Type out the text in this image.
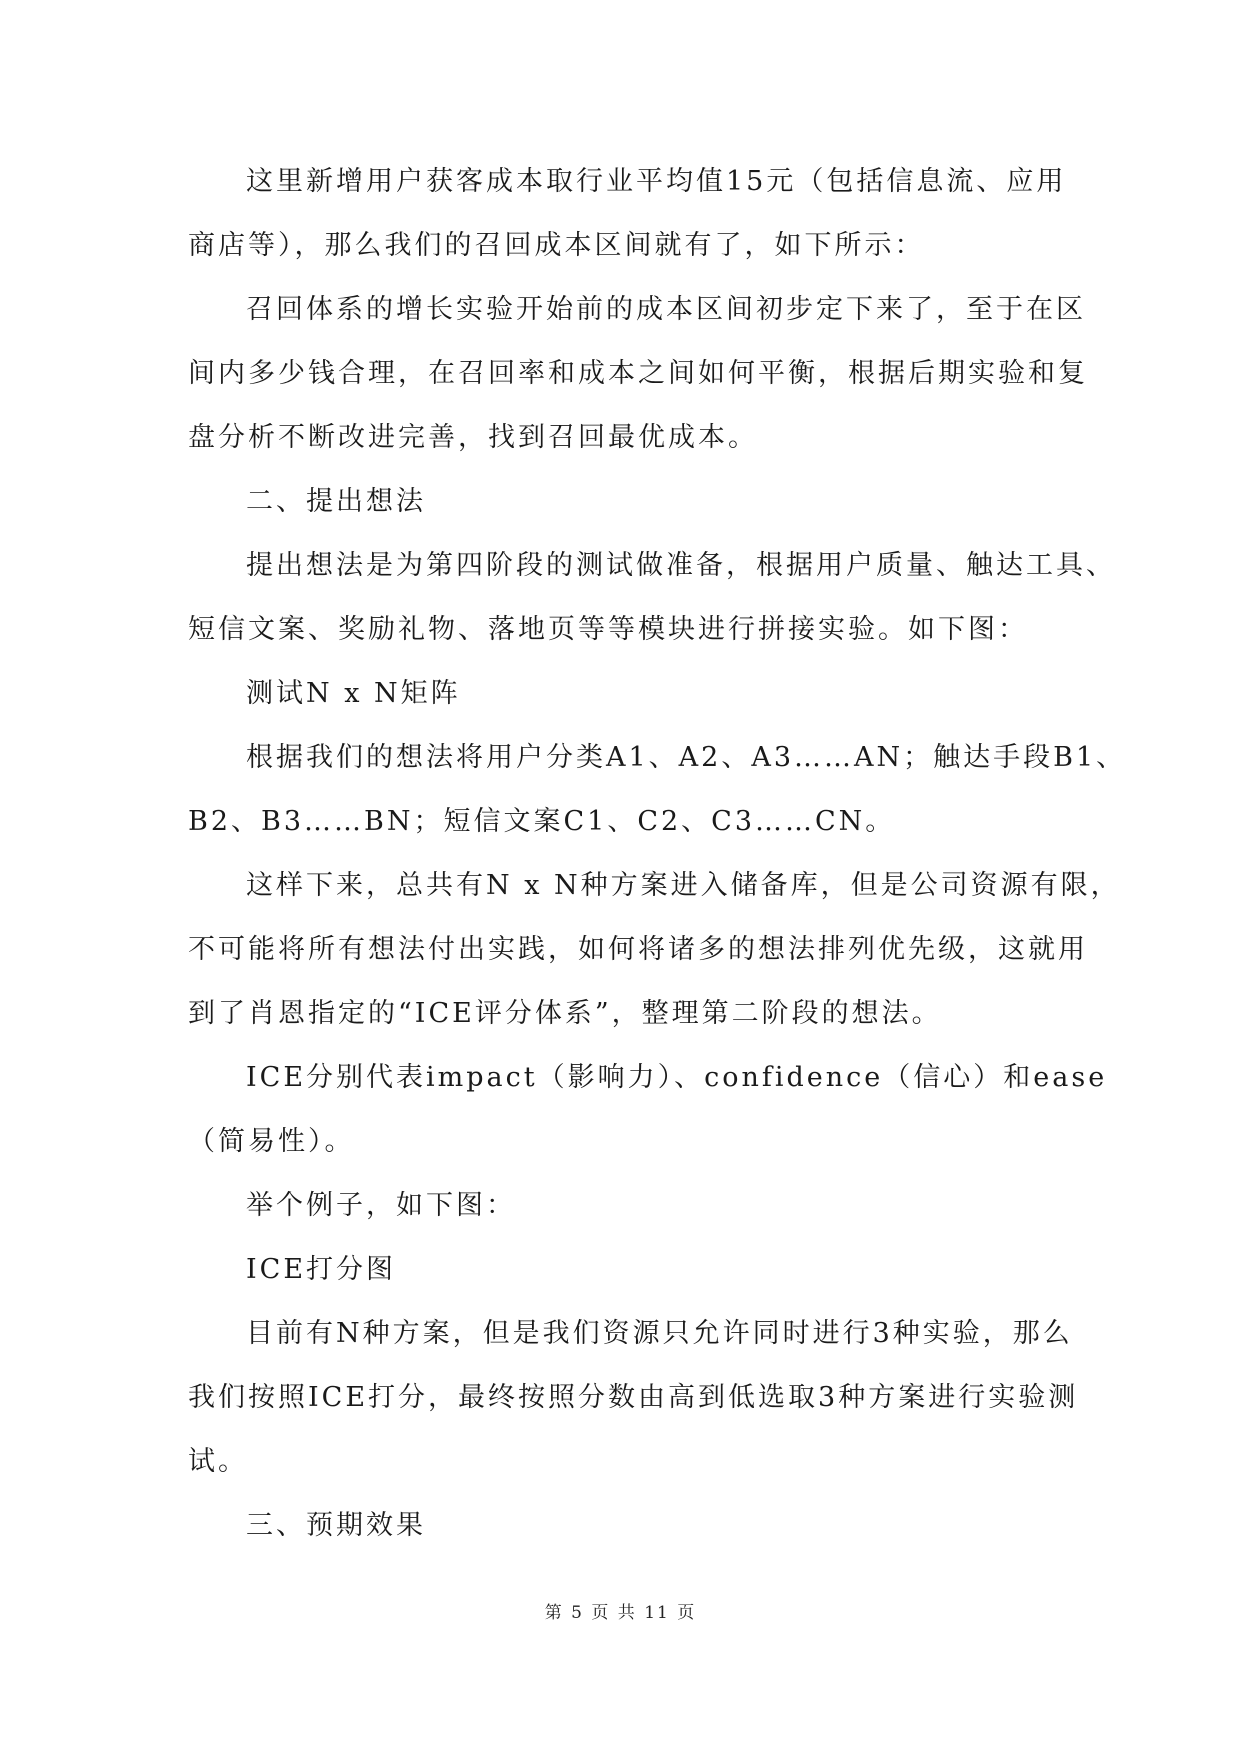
这里新增用户获客成本取行业平均值15元（包括信息流、应用
商店等），那么我们的召回成本区间就有了，如下所示：
召回体系的增长实验开始前的成本区间初步定下来了，至于在区
间内多少钱合理，在召回率和成本之间如何平衡，根据后期实验和复
盘分析不断改进完善，找到召回最优成本。
二、提出想法
提出想法是为第四阶段的测试做准备，根据用户质量、触达工具、
短信文案、奖励礼物、落地页等等模块进行拼接实验。如下图：
测试N x N矩阵
根据我们的想法将用户分类A1、A2、A3……AN；触达手段B1、
B2、B3……BN；短信文案C1、C2、C3……CN。
这样下来，总共有N x N种方案进入储备库，但是公司资源有限，
不可能将所有想法付出实践，如何将诸多的想法排列优先级，这就用
到了肖恩指定的“ICE评分体系”，整理第二阶段的想法。
ICE分别代表impact（影响力）、confidence（信心）和ease
（简易性）。
举个例子，如下图：
ICE打分图
目前有N种方案，但是我们资源只允许同时进行3种实验，那么
我们按照ICE打分，最终按照分数由高到低选取3种方案进行实验测
试。
三、预期效果
第 5 页 共 11 页
